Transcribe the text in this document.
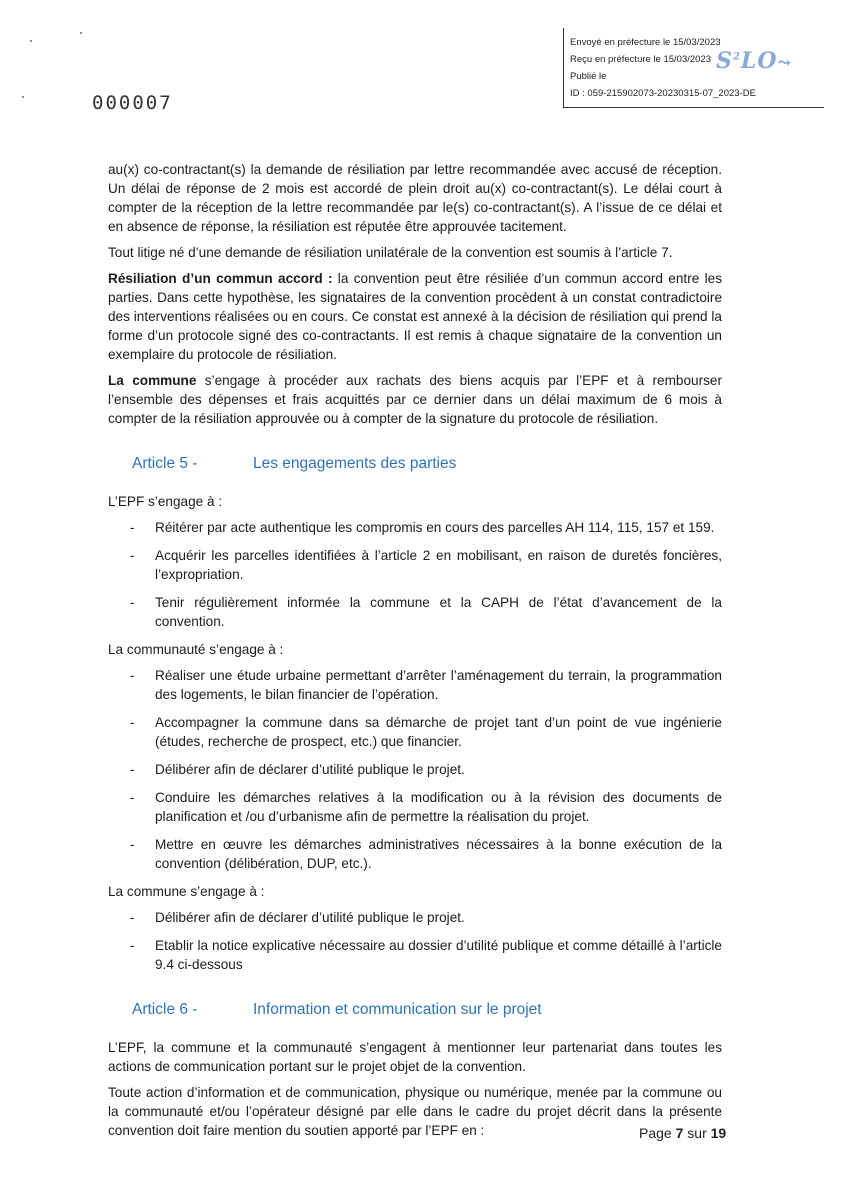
Envoyé en préfecture le 15/03/2023
Reçu en préfecture le 15/03/2023
Publié le
ID : 059-215902073-20230315-07_2023-DE
$S^2LO⤳$
000007

au(x) co-contractant(s) la demande de résiliation par lettre recommandée avec accusé de réception. Un délai de réponse de 2 mois est accordé de plein droit au(x) co-contractant(s). Le délai court à compter de la réception de la lettre recommandée par le(s) co-contractant(s). A l’issue de ce délai et en absence de réponse, la résiliation est réputée être approuvée tacitement.

Tout litige né d’une demande de résiliation unilatérale de la convention est soumis à l’article 7.

Résiliation d’un commun accord : la convention peut être résiliée d’un commun accord entre les parties. Dans cette hypothèse, les signataires de la convention procèdent à un constat contradictoire des interventions réalisées ou en cours. Ce constat est annexé à la décision de résiliation qui prend la forme d’un protocole signé des co-contractants. Il est remis à chaque signataire de la convention un exemplaire du protocole de résiliation.

La commune s’engage à procéder aux rachats des biens acquis par l’EPF et à rembourser l’ensemble des dépenses et frais acquittés par ce dernier dans un délai maximum de 6 mois à compter de la résiliation approuvée ou à compter de la signature du protocole de résiliation.

Article 5 -	Les engagements des parties

L’EPF s’engage à :

- Réitérer par acte authentique les compromis en cours des parcelles AH 114, 115, 157 et 159.
- Acquérir les parcelles identifiées à l’article 2 en mobilisant, en raison de duretés foncières, l’expropriation.
- Tenir régulièrement informée la commune et la CAPH de l’état d’avancement de la convention.

La communauté s’engage à :

- Réaliser une étude urbaine permettant d’arrêter l’aménagement du terrain, la programmation des logements, le bilan financier de l’opération.
- Accompagner la commune dans sa démarche de projet tant d’un point de vue ingénierie (études, recherche de prospect, etc.) que financier.
- Délibérer afin de déclarer d’utilité publique le projet.
- Conduire les démarches relatives à la modification ou à la révision des documents de planification et /ou d’urbanisme afin de permettre la réalisation du projet.
- Mettre en œuvre les démarches administratives nécessaires à la bonne exécution de la convention (délibération, DUP, etc.).

La commune s’engage à :

- Délibérer afin de déclarer d’utilité publique le projet.
- Etablir la notice explicative nécessaire au dossier d’utilité publique et comme détaillé à l’article 9.4 ci-dessous
Article 6 -	Information et communication sur le projet

L’EPF, la commune et la communauté s’engagent à mentionner leur partenariat dans toutes les actions de communication portant sur le projet objet de la convention.

Toute action d’information et de communication, physique ou numérique, menée par la commune ou la communauté et/ou l’opérateur désigné par elle dans le cadre du projet décrit dans la présente convention doit faire mention du soutien apporté par l’EPF en :	Page 7 sur 19
